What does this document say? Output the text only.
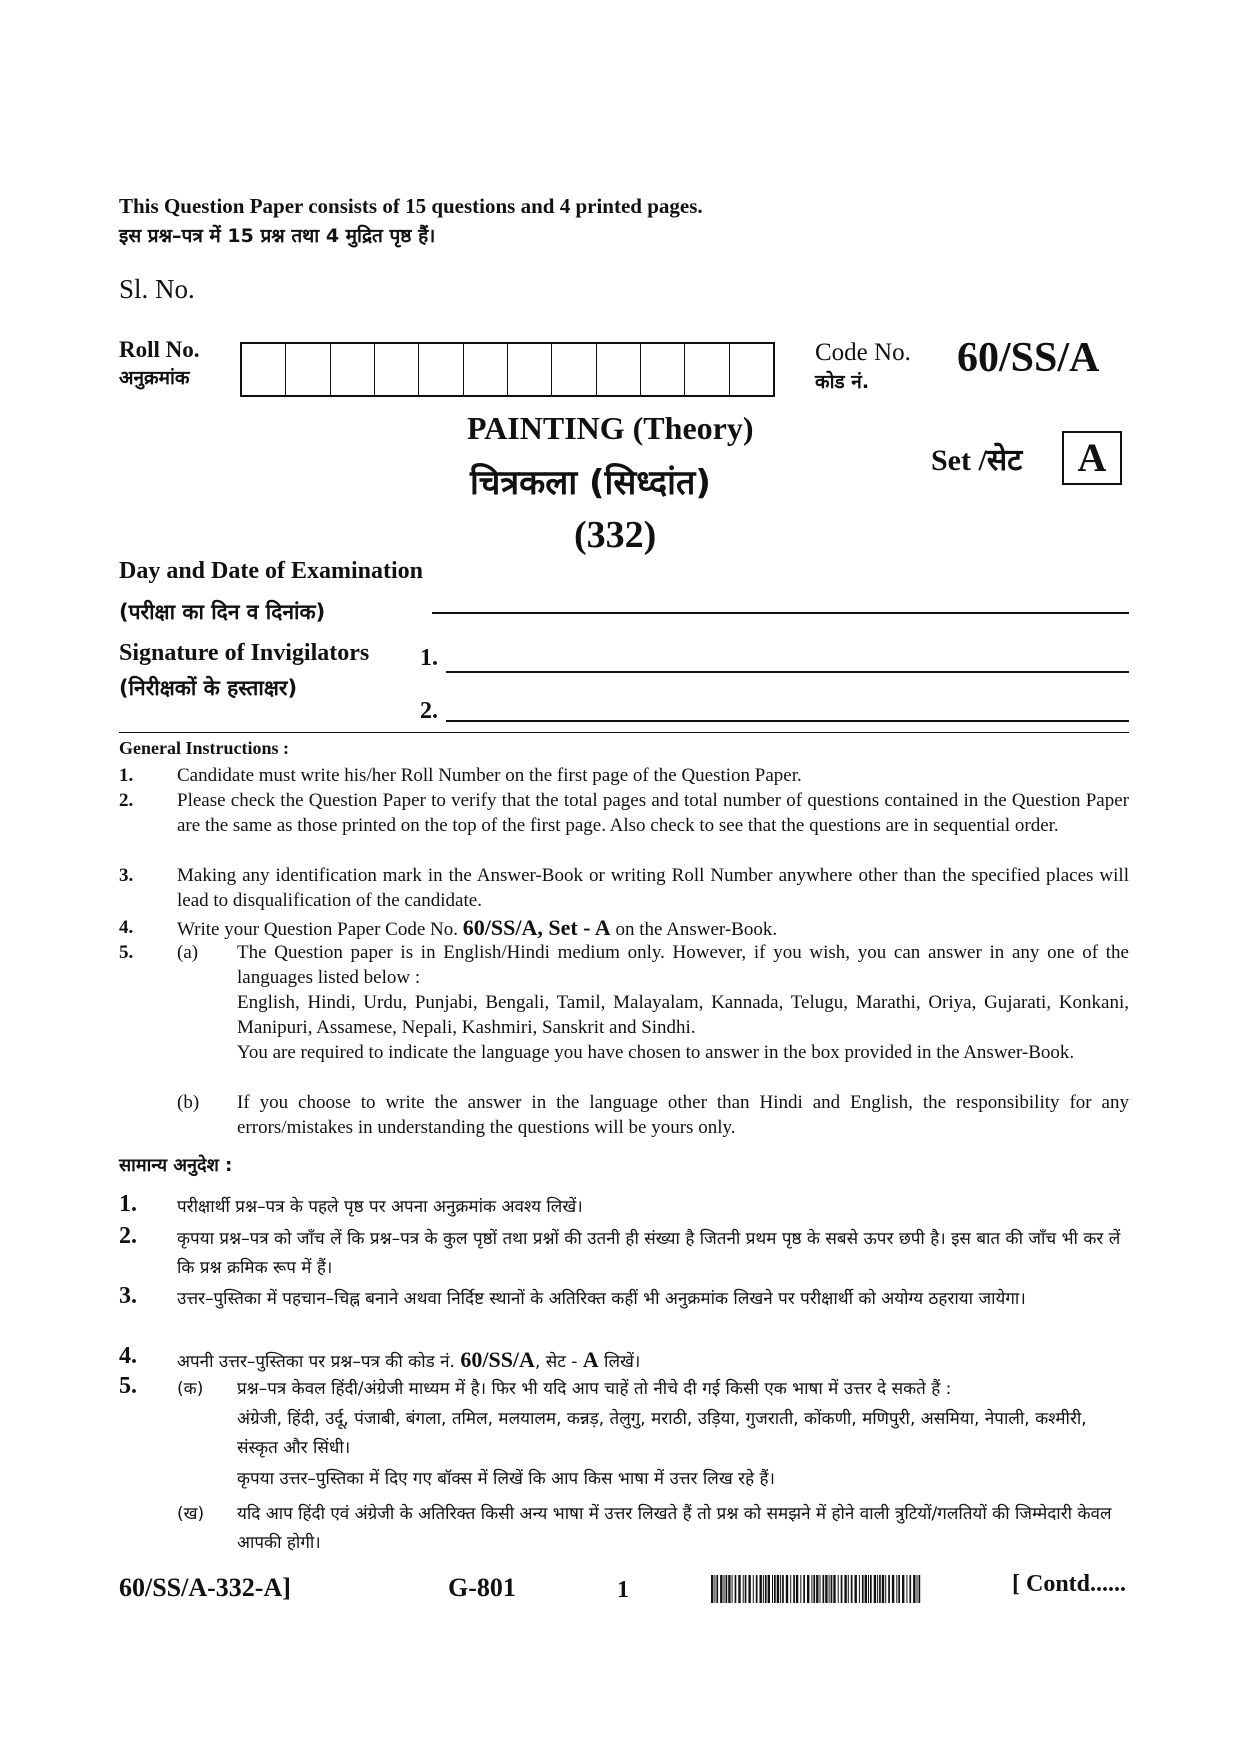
This Question Paper consists of 15 questions and 4 printed pages.
इस प्रश्न–पत्र में 15 प्रश्न तथा 4 मुद्रित पृष्ठ हैं।
Sl. No.
Roll No.
अनुक्रमांक
Code No.
कोड नं.
60/SS/A
PAINTING (Theory)
चित्रकला (सिध्दांत)
(332)
Set /सेट	A
Day and Date of Examination
(परीक्षा का दिन व दिनांक)
Signature of Invigilators
(निरीक्षकों के हस्ताक्षर)
1.
2.
General Instructions :
1. Candidate must write his/her Roll Number on the first page of the Question Paper.
2. Please check the Question Paper to verify that the total pages and total number of questions contained in the Question Paper are the same as those printed on the top of the first page. Also check to see that the questions are in sequential order.
3. Making any identification mark in the Answer-Book or writing Roll Number anywhere other than the specified places will lead to disqualification of the candidate.
4. Write your Question Paper Code No. 60/SS/A, Set - A on the Answer-Book.
5. (a) The Question paper is in English/Hindi medium only. However, if you wish, you can answer in any one of the languages listed below :
English, Hindi, Urdu, Punjabi, Bengali, Tamil, Malayalam, Kannada, Telugu, Marathi, Oriya, Gujarati, Konkani, Manipuri, Assamese, Nepali, Kashmiri, Sanskrit and Sindhi.
You are required to indicate the language you have chosen to answer in the box provided in the Answer-Book.
(b) If you choose to write the answer in the language other than Hindi and English, the responsibility for any errors/mistakes in understanding the questions will be yours only.
सामान्य अनुदेश :
1. परीक्षार्थी प्रश्न–पत्र के पहले पृष्ठ पर अपना अनुक्रमांक अवश्य लिखें।
2. कृपया प्रश्न–पत्र को जाँच लें कि प्रश्न–पत्र के कुल पृष्ठों तथा प्रश्नों की उतनी ही संख्या है जितनी प्रथम पृष्ठ के सबसे ऊपर छपी है। इस बात की जाँच भी कर लें कि प्रश्न क्रमिक रूप में हैं।
3. उत्तर–पुस्तिका में पहचान–चिह्न बनाने अथवा निर्दिष्ट स्थानों के अतिरिक्त कहीं भी अनुक्रमांक लिखने पर परीक्षार्थी को अयोग्य ठहराया जायेगा।
4. अपनी उत्तर–पुस्तिका पर प्रश्न–पत्र की कोड नं. 60/SS/A, सेट - A लिखें।
5. (क) प्रश्न–पत्र केवल हिंदी/अंग्रेजी माध्यम में है। फिर भी यदि आप चाहें तो नीचे दी गई किसी एक भाषा में उत्तर दे सकते हैं :
अंग्रेजी, हिंदी, उर्दू, पंजाबी, बंगला, तमिल, मलयालम, कन्नड़, तेलुगु, मराठी, उड़िया, गुजराती, कोंकणी, मणिपुरी, असमिया, नेपाली, कश्मीरी, संस्कृत और सिंधी।
कृपया उत्तर–पुस्तिका में दिए गए बॉक्स में लिखें कि आप किस भाषा में उत्तर लिख रहे हैं।
(ख) यदि आप हिंदी एवं अंग्रेजी के अतिरिक्त किसी अन्य भाषा में उत्तर लिखते हैं तो प्रश्न को समझने में होने वाली त्रुटियों/गलतियों की जिम्मेदारी केवल आपकी होगी।
60/SS/A-332-A]	G-801	1	[ Contd......
